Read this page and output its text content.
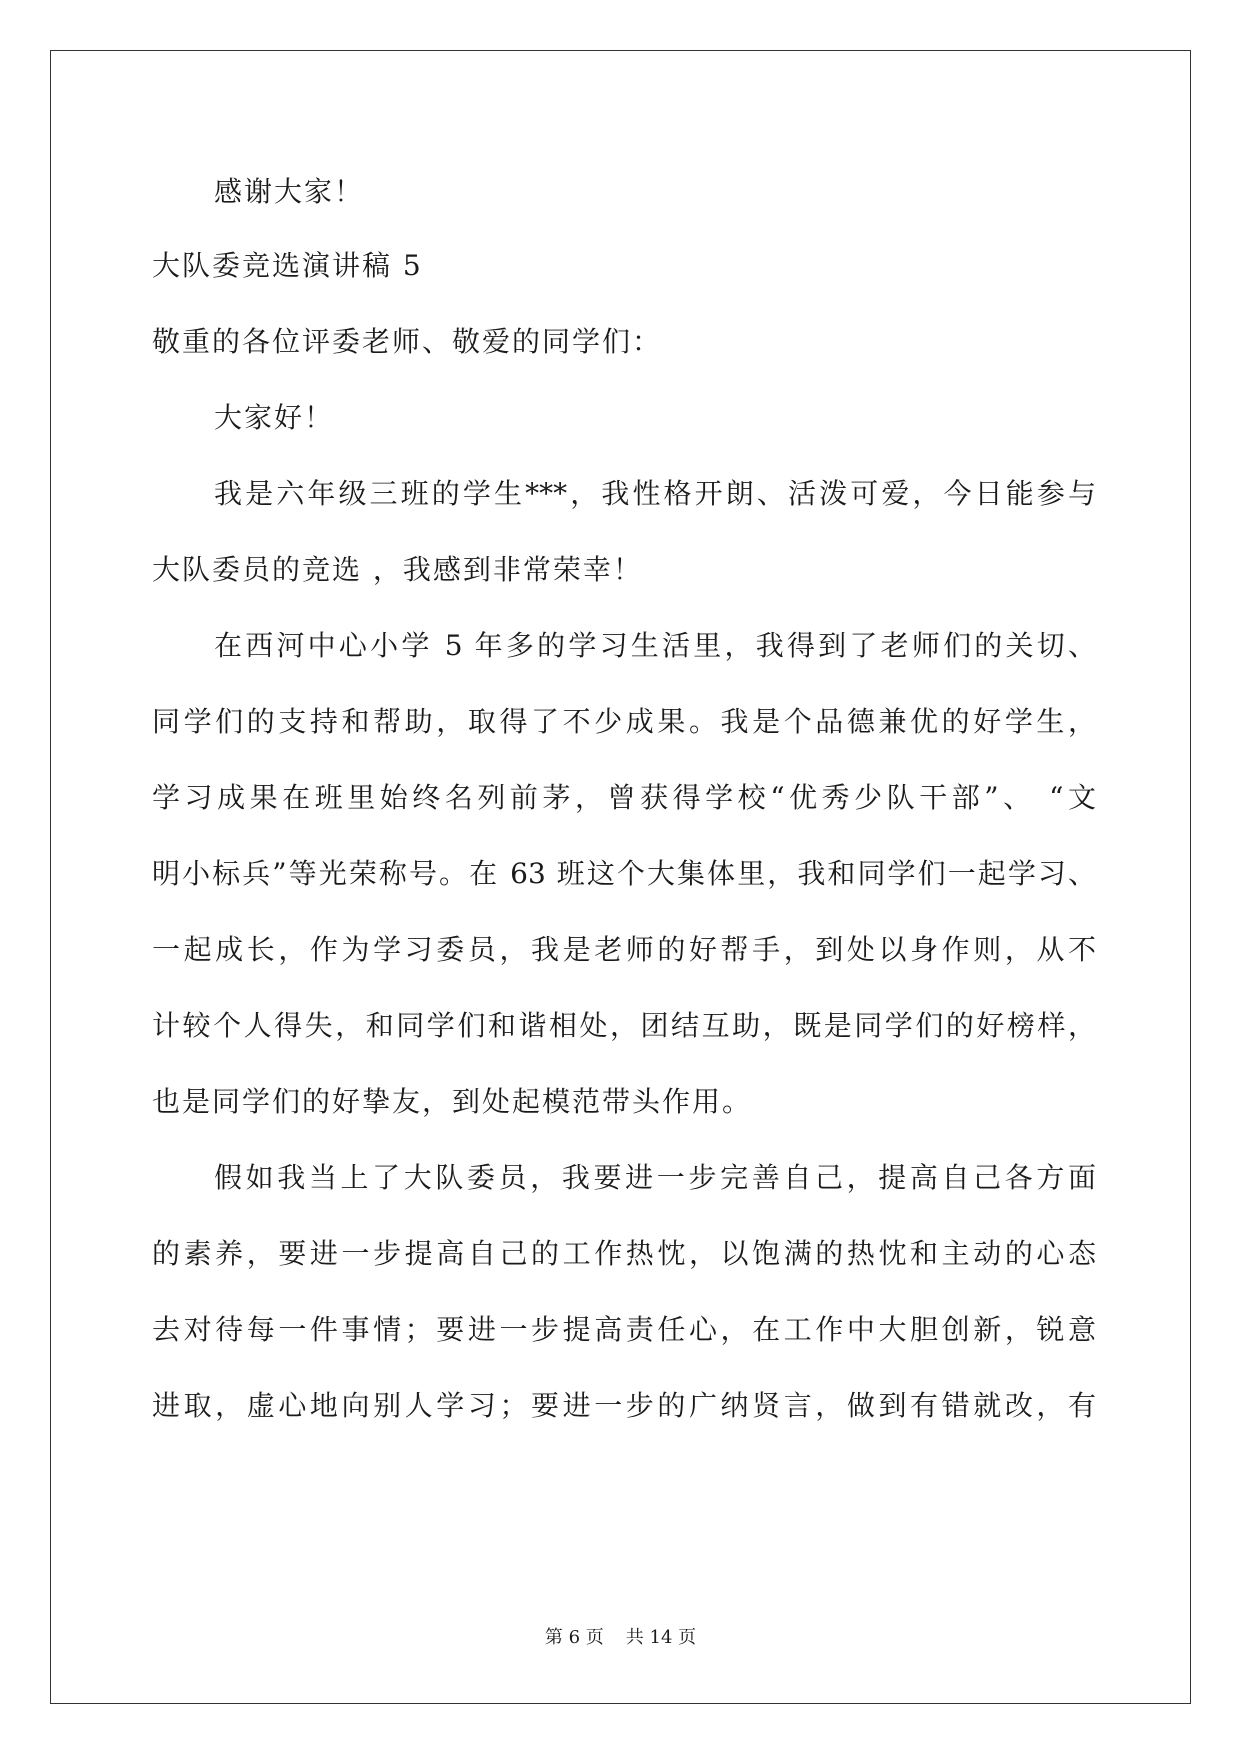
感谢大家！
大队委竞选演讲稿 5
敬重的各位评委老师、敬爱的同学们：
大家好！
我是六年级三班的学生***，我性格开朗、活泼可爱，今日能参与
大队委员的竞选 ，我感到非常荣幸！
在西河中心小学 5 年多的学习生活里，我得到了老师们的关切、
同学们的支持和帮助，取得了不少成果。我是个品德兼优的好学生，
学习成果在班里始终名列前茅，曾获得学校“优秀少队干部”、 “文
明小标兵”等光荣称号。在 63 班这个大集体里，我和同学们一起学习、
一起成长，作为学习委员，我是老师的好帮手，到处以身作则，从不
计较个人得失，和同学们和谐相处，团结互助，既是同学们的好榜样，
也是同学们的好挚友，到处起模范带头作用。
假如我当上了大队委员，我要进一步完善自己，提高自己各方面
的素养，要进一步提高自己的工作热忱，以饱满的热忱和主动的心态
去对待每一件事情；要进一步提高责任心，在工作中大胆创新，锐意
进取，虚心地向别人学习；要进一步的广纳贤言，做到有错就改，有
第 6 页 共 14 页
